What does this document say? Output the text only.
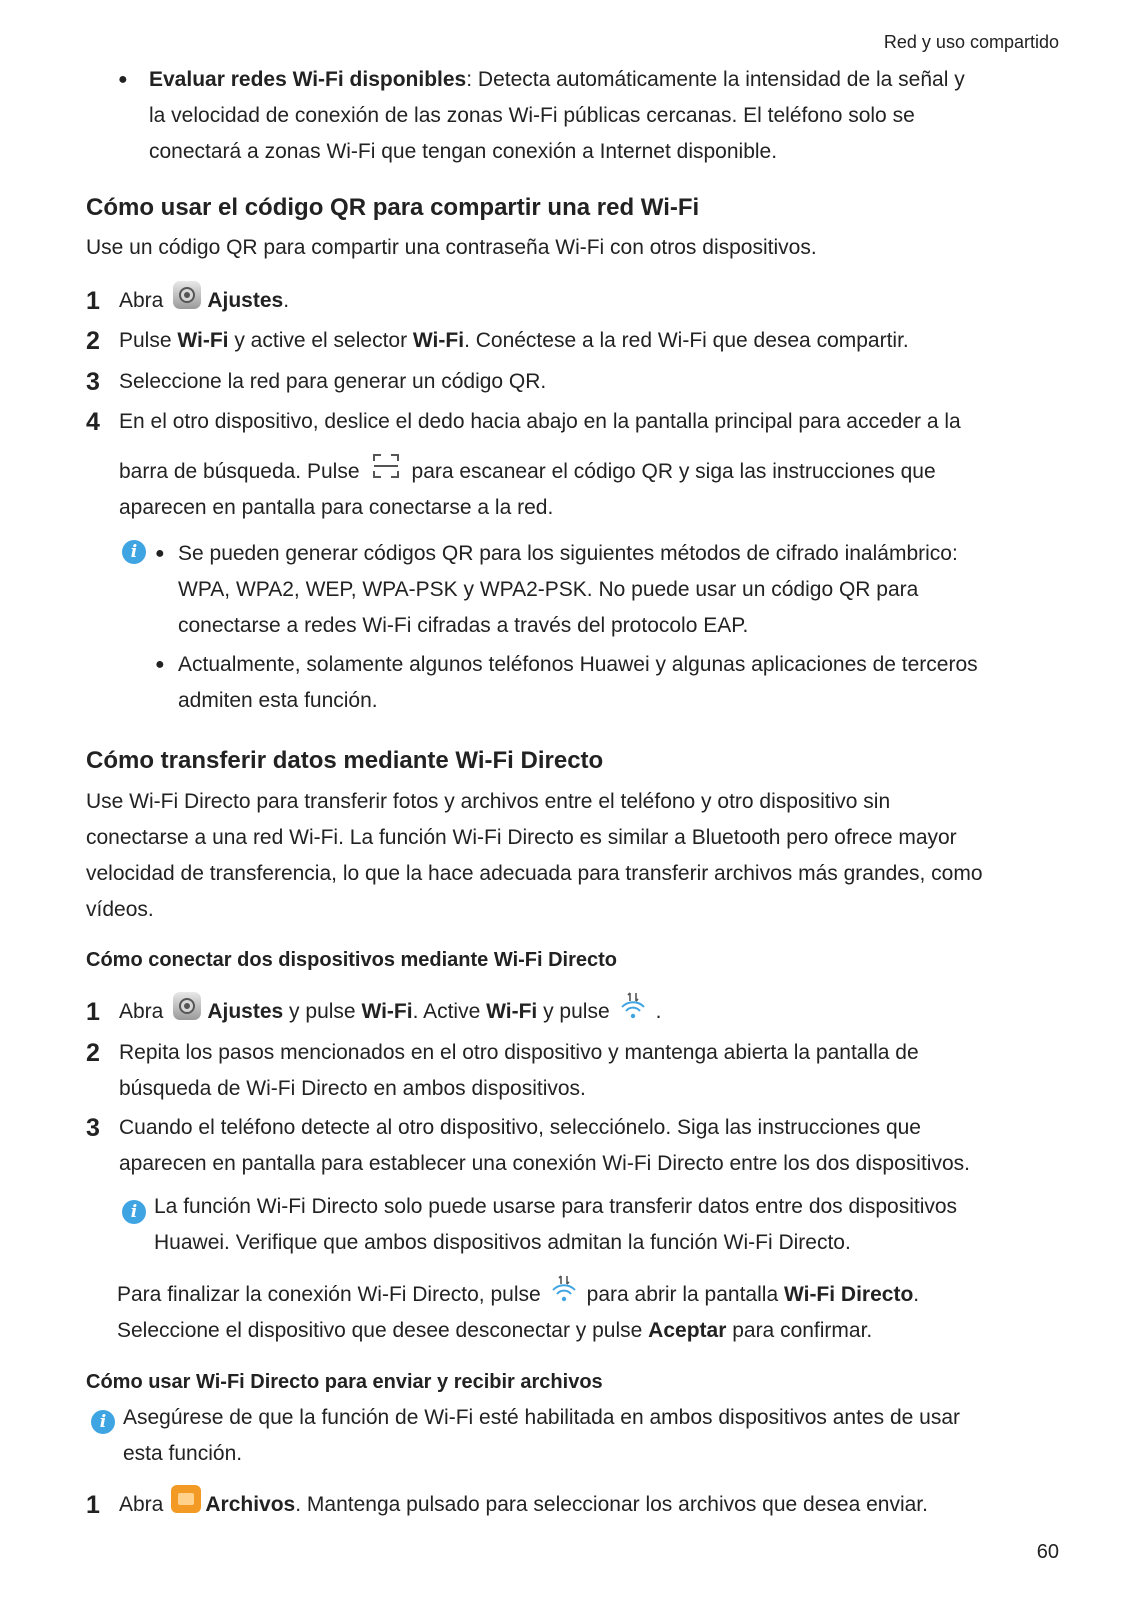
Red y uso compartido
60
● Evaluar redes Wi-Fi disponibles: Detecta automáticamente la intensidad de la señal y

la velocidad de conexión de las zonas Wi-Fi públicas cercanas. El teléfono solo se

conectará a zonas Wi-Fi que tengan conexión a Internet disponible.

Cómo usar el código QR para compartir una red Wi-Fi

Use un código QR para compartir una contraseña Wi-Fi con otros dispositivos.

1 Abra Ajustes.
2 Pulse Wi-Fi y active el selector Wi-Fi. Conéctese a la red Wi-Fi que desea compartir.
3 Seleccione la red para generar un código QR.
4 En el otro dispositivo, deslice el dedo hacia abajo en la pantalla principal para acceder a la

barra de búsqueda. Pulse para escanear el código QR y siga las instrucciones que

aparecen en pantalla para conectarse a la red.

i	● Se pueden generar códigos QR para los siguientes métodos de cifrado inalámbrico:

WPA, WPA2, WEP, WPA-PSK y WPA2-PSK. No puede usar un código QR para

conectarse a redes Wi-Fi cifradas a través del protocolo EAP.

● Actualmente, solamente algunos teléfonos Huawei y algunas aplicaciones de terceros

admiten esta función.

Cómo transferir datos mediante Wi-Fi Directo

Use Wi-Fi Directo para transferir fotos y archivos entre el teléfono y otro dispositivo sin

conectarse a una red Wi-Fi. La función Wi-Fi Directo es similar a Bluetooth pero ofrece mayor

velocidad de transferencia, lo que la hace adecuada para transferir archivos más grandes, como

vídeos.

Cómo conectar dos dispositivos mediante Wi-Fi Directo
1 Abra Ajustes y pulse Wi-Fi. Active Wi-Fi y pulse .
2 Repita los pasos mencionados en el otro dispositivo y mantenga abierta la pantalla de

búsqueda de Wi-Fi Directo en ambos dispositivos.

3 Cuando el teléfono detecte al otro dispositivo, selecciónelo. Siga las instrucciones que

aparecen en pantalla para establecer una conexión Wi-Fi Directo entre los dos dispositivos.

i La función Wi-Fi Directo solo puede usarse para transferir datos entre dos dispositivos

Huawei. Verifique que ambos dispositivos admitan la función Wi-Fi Directo.

Para finalizar la conexión Wi-Fi Directo, pulse para abrir la pantalla Wi-Fi Directo.

Seleccione el dispositivo que desee desconectar y pulse Aceptar para confirmar.

Cómo usar Wi-Fi Directo para enviar y recibir archivos
i Asegúrese de que la función de Wi-Fi esté habilitada en ambos dispositivos antes de usar

esta función.

1 Abra Archivos. Mantenga pulsado para seleccionar los archivos que desea enviar.
